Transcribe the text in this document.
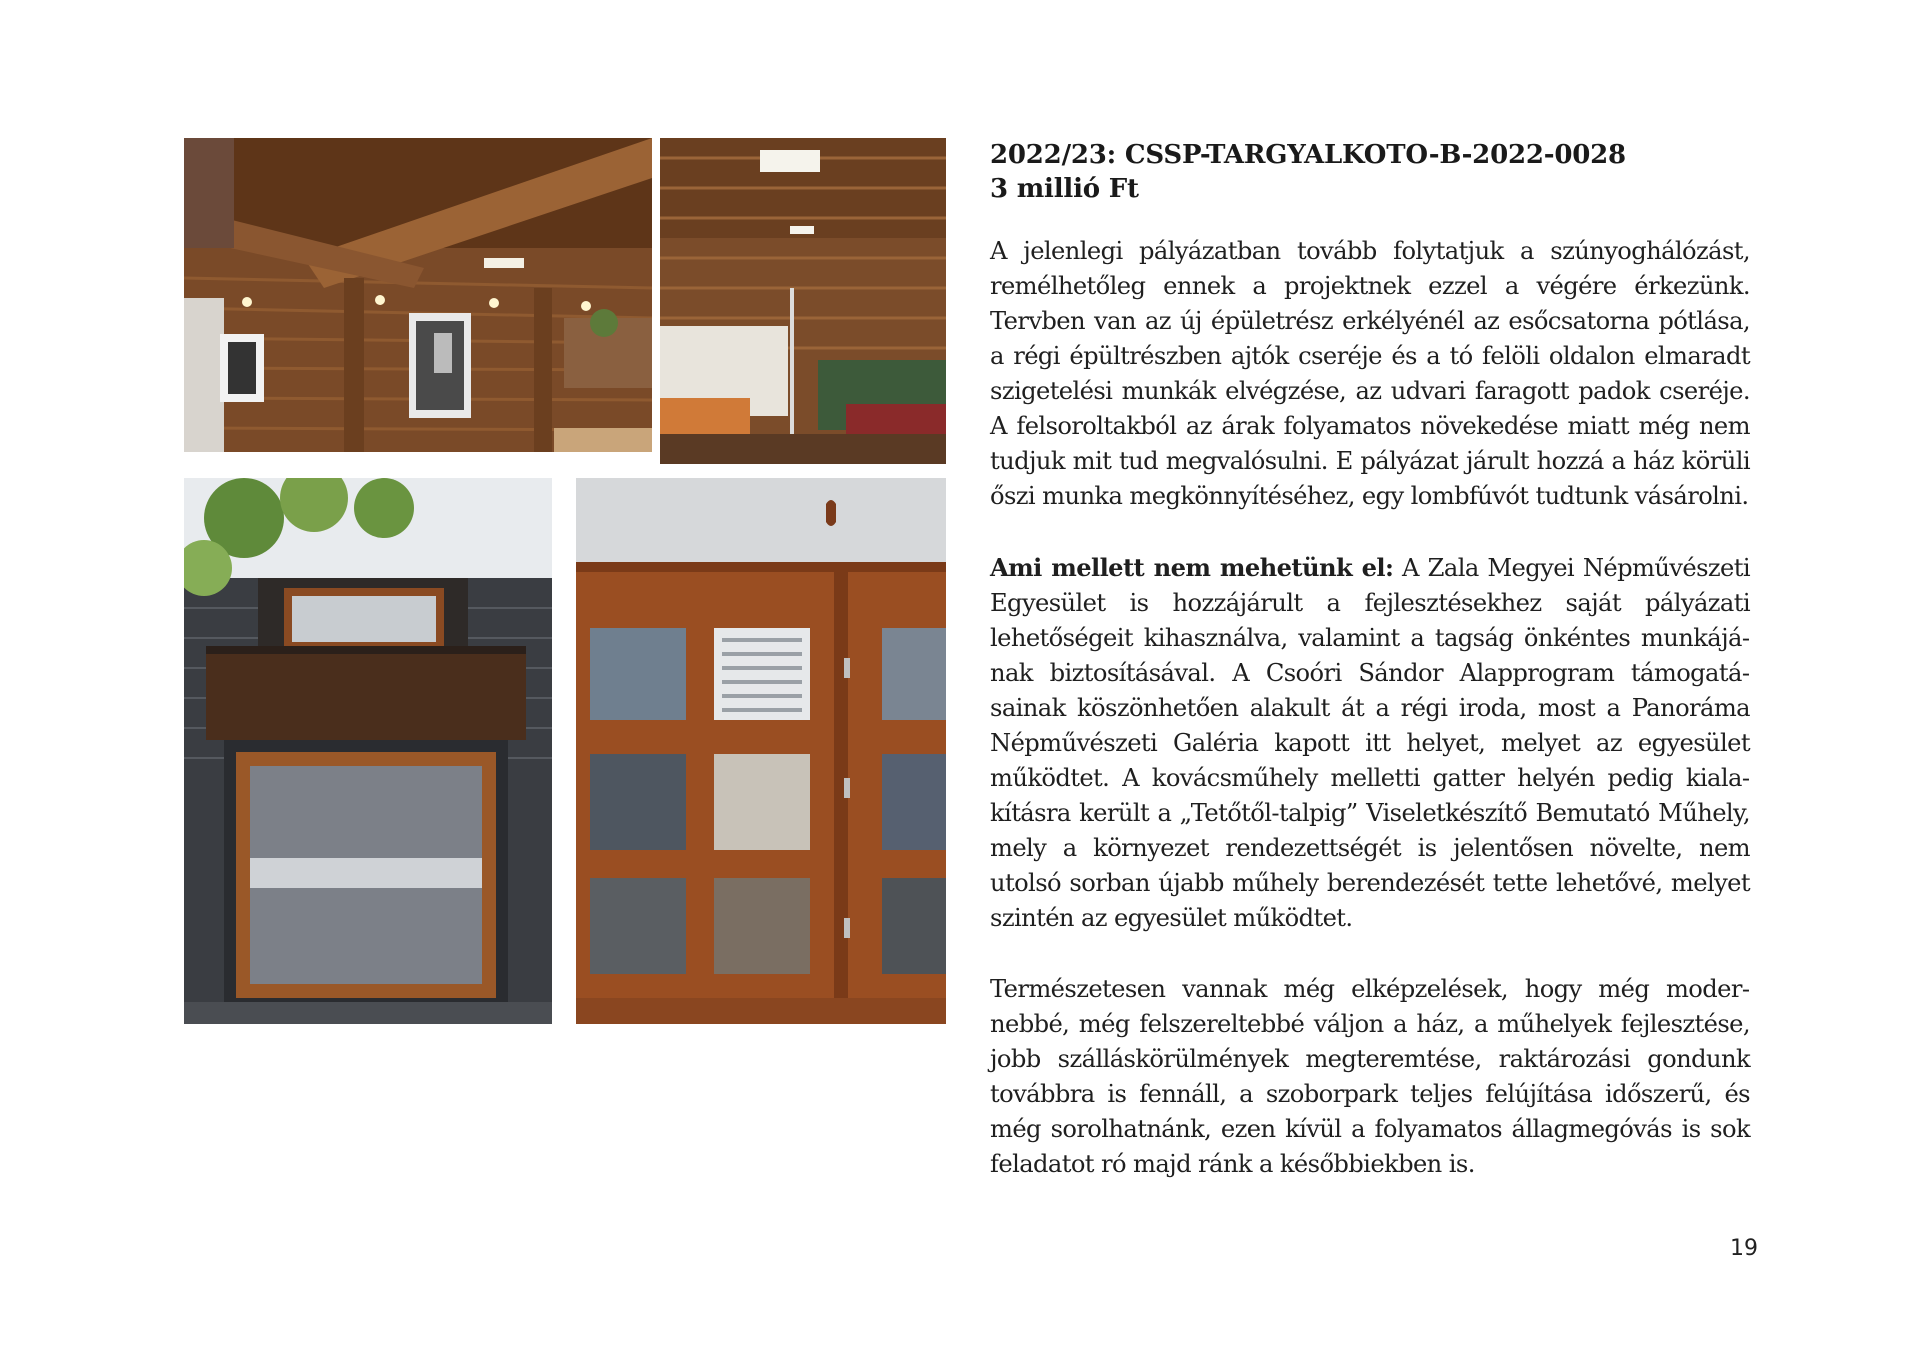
2022/23: CSSP-TARGYALKOTO-B-2022-0028
3 millió Ft

A jelenlegi pályázatban tovább folytatjuk a szúnyoghálózást, remélhetőleg ennek a projektnek ezzel a végére érkezünk. Tervben van az új épületrész erkélyénél az esőcsatorna pótlása, a régi épültrészben ajtók cseréje és a tó felöli oldalon elmaradt szigetelési munkák elvégzése, az udvari faragott padok cseréje. A felsoroltakból az árak folyamatos növekedése miatt még nem tudjuk mit tud megvalósulni. E pályázat járult hozzá a ház körüli őszi munka megkönnyítéséhez, egy lombfúvót tudtunk vásárolni.

Ami mellett nem mehetünk el: A Zala Megyei Népművészeti Egyesület is hozzájárult a fejlesztésekhez saját pályázati lehetőségeit kihasználva, valamint a tagság önkéntes munkájának biztosításával. A Csoóri Sándor Alapprogram támogatásainak köszönhetően alakult át a régi iroda, most a Panoráma Népművészeti Galéria kapott itt helyet, melyet az egyesület működtet. A kovácsműhely melletti gatter helyén pedig kialakításra került a „Tetőtől-talpig” Viseletkészítő Bemutató Műhely, mely a környezet rendezettségét is jelentősen növelte, nem utolsó sorban újabb műhely berendezését tette lehetővé, melyet szintén az egyesület működtet.

Természetesen vannak még elképzelések, hogy még modernebbé, még felszereltebbé váljon a ház, a műhelyek fejlesztése, jobb szálláskörülmények megteremtése, raktározási gondunk továbbra is fennáll, a szoborpark teljes felújítása időszerű, és még sorolhatnánk, ezen kívül a folyamatos állagmegóvás is sok feladatot ró majd ránk a későbbiekben is.

19
